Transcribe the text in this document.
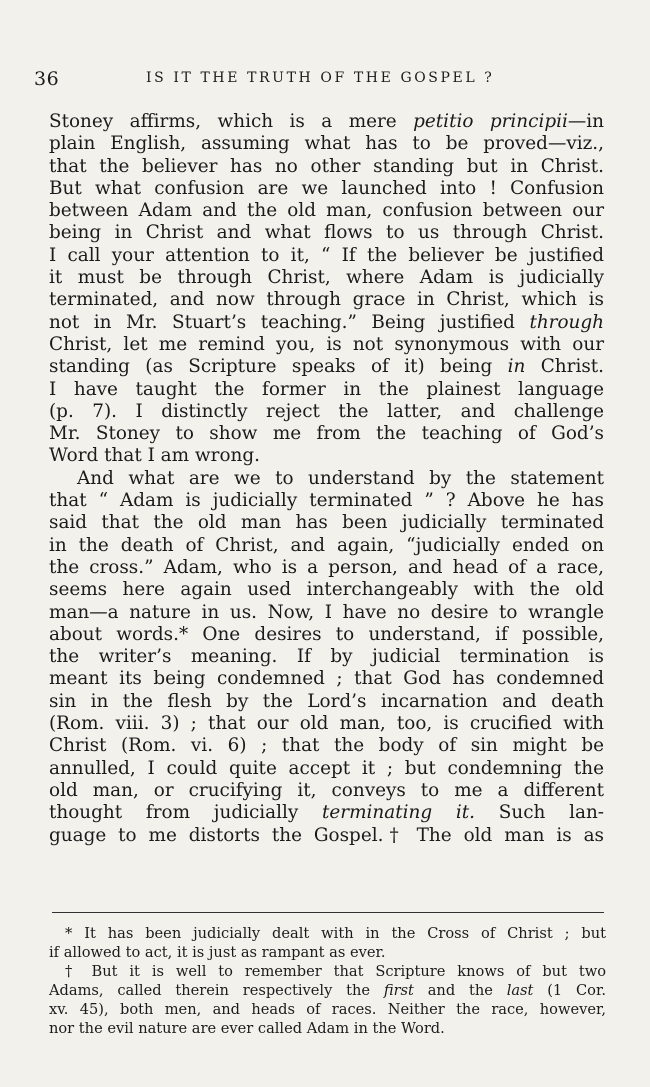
36	IS IT THE TRUTH OF THE GOSPEL ?
Stoney affirms, which is a mere petitio principii—in
plain English, assuming what has to be proved—viz.,
that the believer has no other standing but in Christ.
But what confusion are we launched into ! Confusion
between Adam and the old man, confusion between our
being in Christ and what flows to us through Christ.
I call your attention to it, “ If the believer be justified
it must be through Christ, where Adam is judicially
terminated, and now through grace in Christ, which is
not in Mr. Stuart’s teaching.” Being justified through
Christ, let me remind you, is not synonymous with our
standing (as Scripture speaks of it) being in Christ.
I have taught the former in the plainest language
(p. 7). I distinctly reject the latter, and challenge
Mr. Stoney to show me from the teaching of God’s
Word that I am wrong.
And what are we to understand by the statement
that “ Adam is judicially terminated ” ? Above he has
said that the old man has been judicially terminated
in the death of Christ, and again, “judicially ended on
the cross.” Adam, who is a person, and head of a race,
seems here again used interchangeably with the old
man—a nature in us. Now, I have no desire to wrangle
about words.* One desires to understand, if possible,
the writer’s meaning. If by judicial termination is
meant its being condemned ; that God has condemned
sin in the flesh by the Lord’s incarnation and death
(Rom. viii. 3) ; that our old man, too, is crucified with
Christ (Rom. vi. 6) ; that the body of sin might be
annulled, I could quite accept it ; but condemning the
old man, or crucifying it, conveys to me a different
thought from judicially terminating it. Such lan-
guage to me distorts the Gospel.† The old man is as
* It has been judicially dealt with in the Cross of Christ ; but
if allowed to act, it is just as rampant as ever.
† But it is well to remember that Scripture knows of but two
Adams, called therein respectively the first and the last (1 Cor.
xv. 45), both men, and heads of races. Neither the race, however,
nor the evil nature are ever called Adam in the Word.
